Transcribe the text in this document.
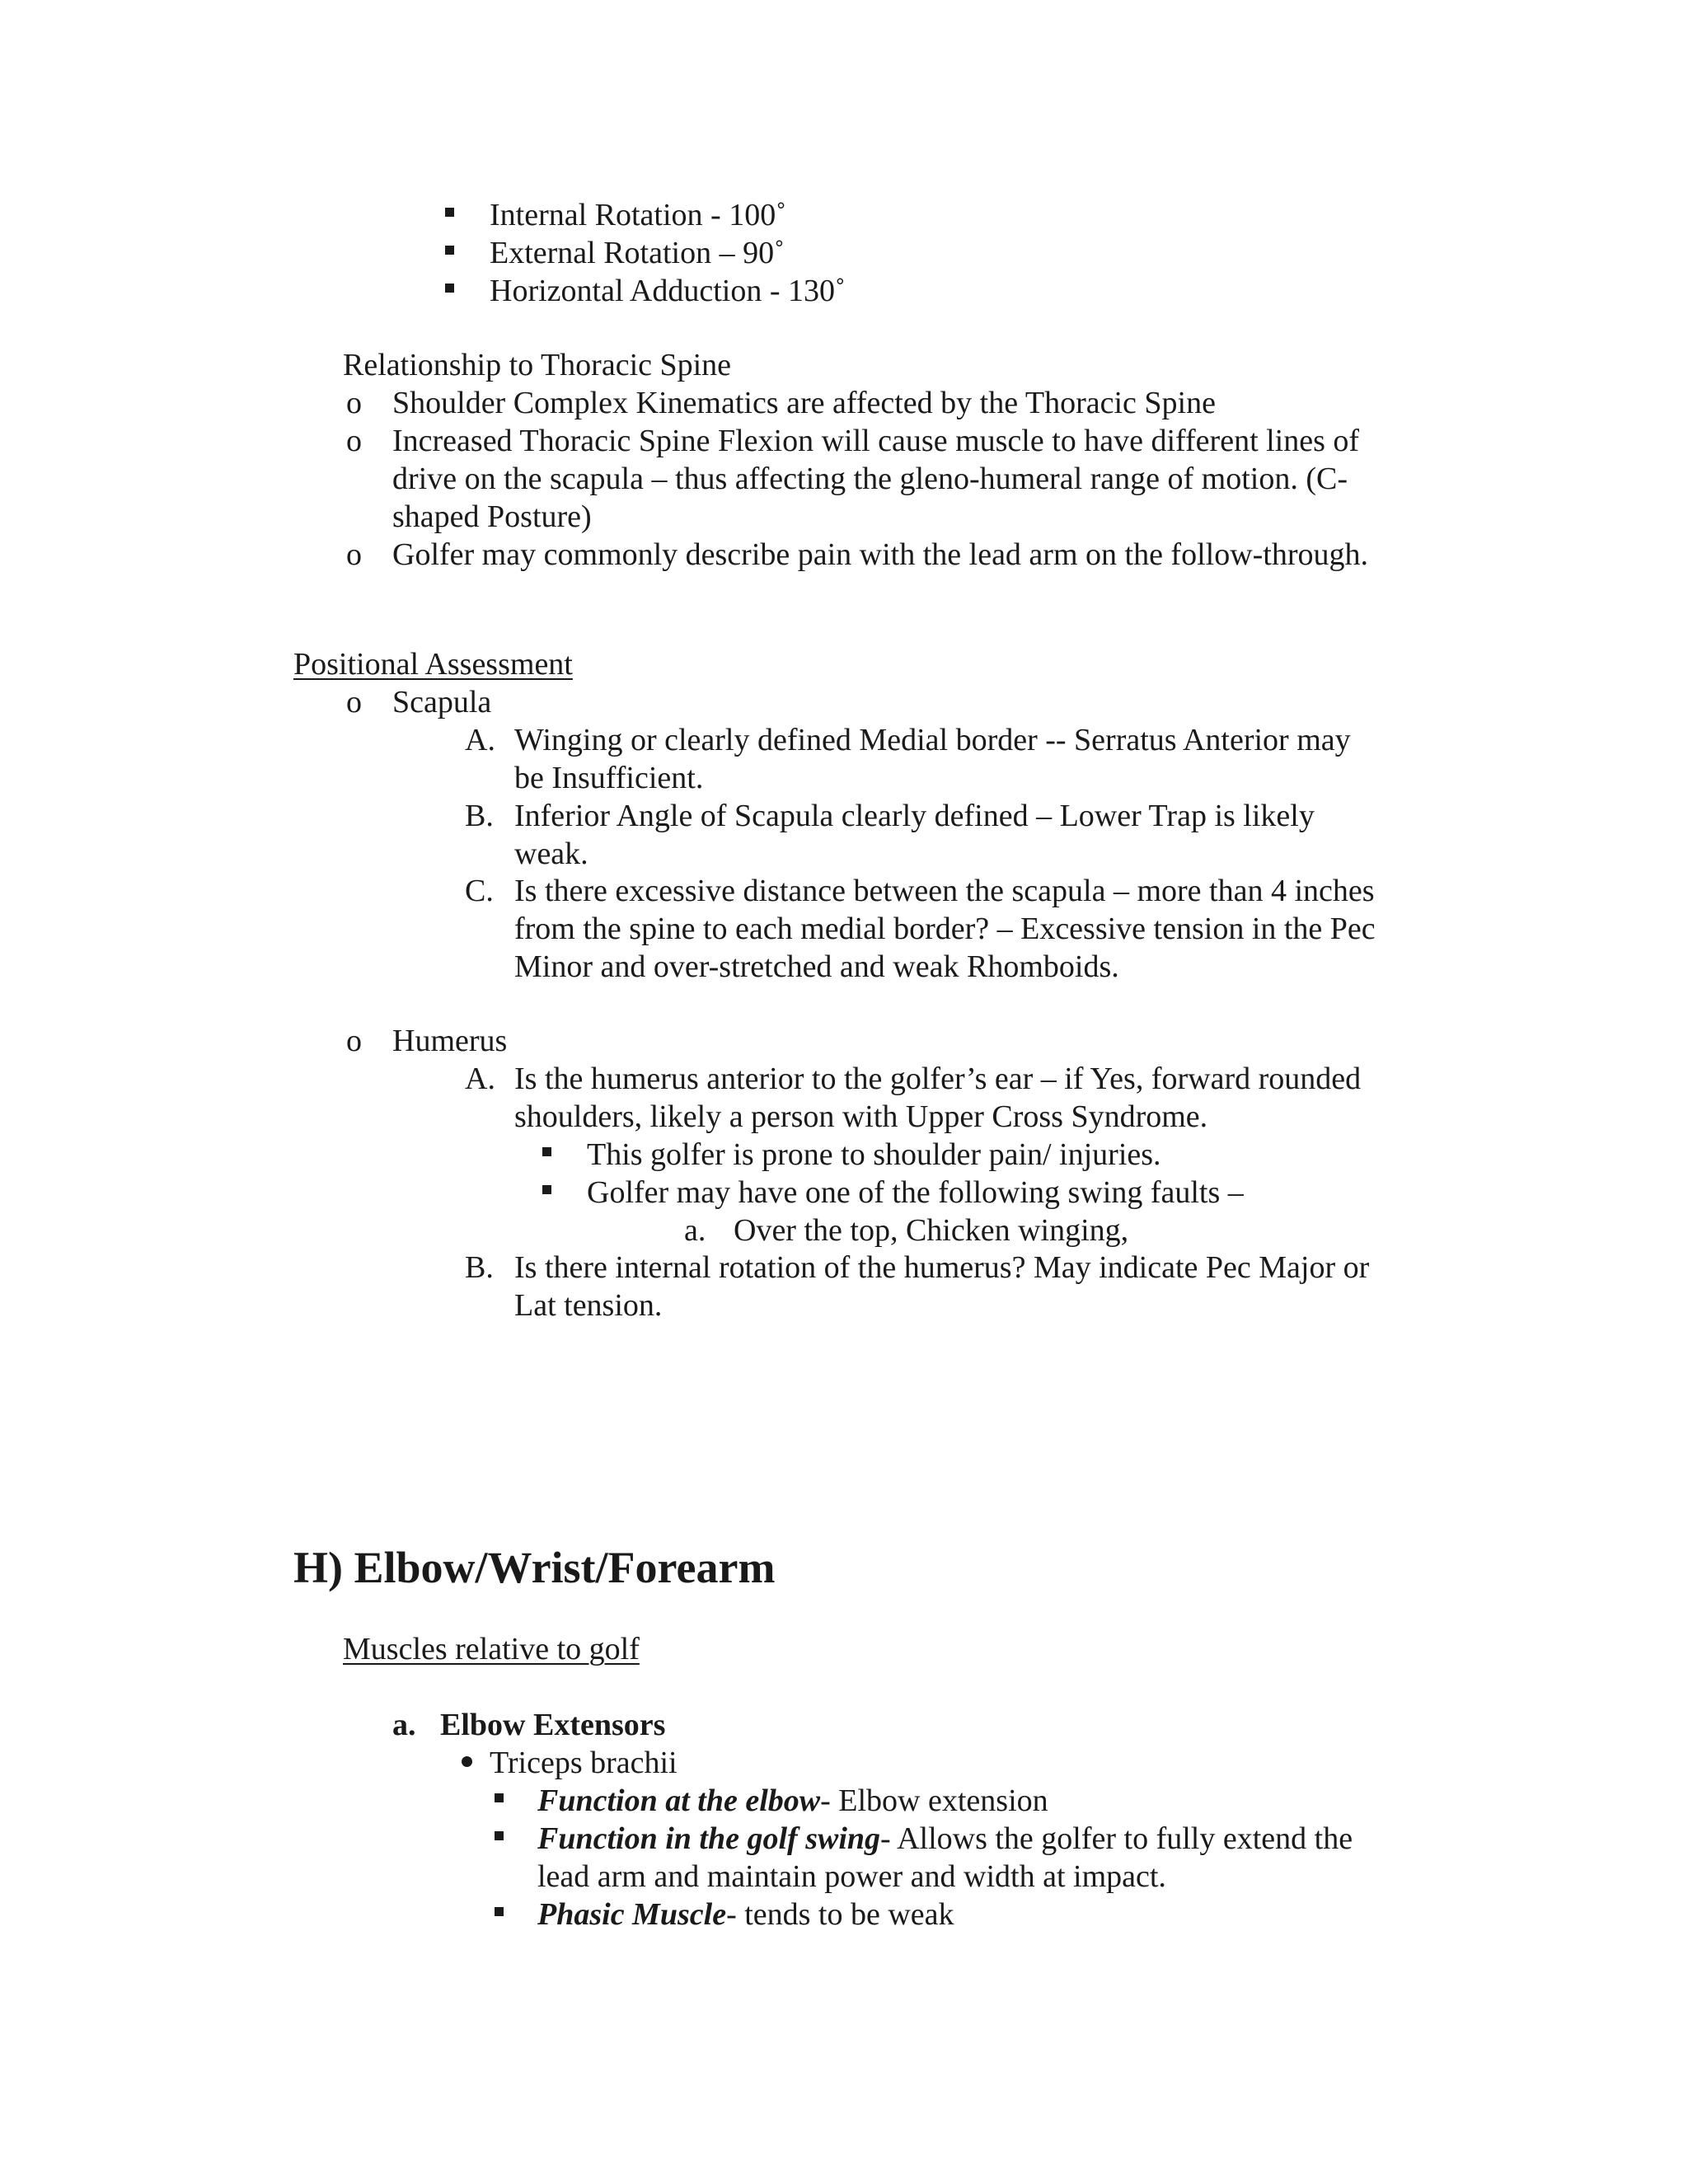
Internal Rotation - 100˚
External Rotation – 90˚
Horizontal Adduction - 130˚
Relationship to Thoracic Spine
o Shoulder Complex Kinematics are affected by the Thoracic Spine
o Increased Thoracic Spine Flexion will cause muscle to have different lines of
drive on the scapula – thus affecting the gleno-humeral range of motion. (C-
shaped Posture)
o Golfer may commonly describe pain with the lead arm on the follow-through.
Positional Assessment
o Scapula
A. Winging or clearly defined Medial border -- Serratus Anterior may
be Insufficient.
B. Inferior Angle of Scapula clearly defined – Lower Trap is likely
weak.
C. Is there excessive distance between the scapula – more than 4 inches
from the spine to each medial border? – Excessive tension in the Pec
Minor and over-stretched and weak Rhomboids.
o Humerus
A. Is the humerus anterior to the golfer’s ear – if Yes, forward rounded
shoulders, likely a person with Upper Cross Syndrome.
This golfer is prone to shoulder pain/ injuries.
Golfer may have one of the following swing faults –
a. Over the top, Chicken winging,
B. Is there internal rotation of the humerus? May indicate Pec Major or
Lat tension.
H) Elbow/Wrist/Forearm
Muscles relative to golf
a. Elbow Extensors
Triceps brachii
Function at the elbow- Elbow extension
Function in the golf swing- Allows the golfer to fully extend the
lead arm and maintain power and width at impact.
Phasic Muscle- tends to be weak
